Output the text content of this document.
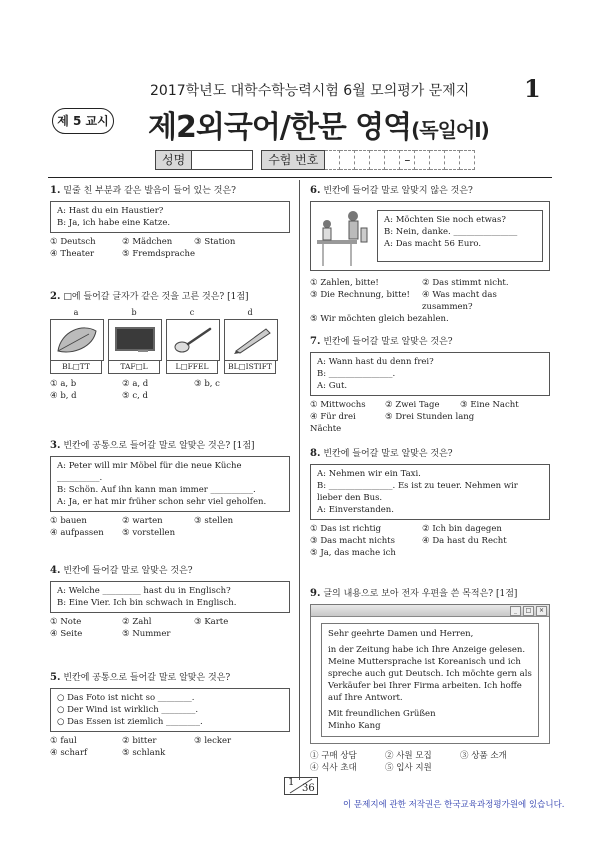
2017학년도 대학수학능력시험 6월 모의평가 문제지 1
제 5 교시 제2외국어/한문 영역(독일어Ⅰ)
성명	수험 번호	–
1. 밑줄 친 부분과 같은 발음이 들어 있는 것은?
A: Hast du ein Haustier?
B: Ja, ich habe eine Katze.
① Deutsch	② Mädchen	③ Station
④ Theater	⑤ Fremdsprache
2. □에 들어갈 글자가 같은 것을 고른 것은? [1점]
a
BL□TT
b
TAF□L
c
L□FFEL
d
BL□ISTIFT
① a, b	② a, d	③ b, c
④ b, d	⑤ c, d
3. 빈칸에 공통으로 들어갈 말로 알맞은 것은? [1점]
A: Peter will mir Möbel für die neue Küche __________.
B: Schön. Auf ihn kann man immer __________.
A: Ja, er hat mir früher schon sehr viel geholfen.
① bauen	② warten	③ stellen
④ aufpassen	⑤ vorstellen
4. 빈칸에 들어갈 말로 알맞은 것은?
A: Welche _________ hast du in Englisch?
B: Eine Vier. Ich bin schwach in Englisch.
① Note	② Zahl	③ Karte
④ Seite	⑤ Nummer
5. 빈칸에 공통으로 들어갈 말로 알맞은 것은?
○ Das Foto ist nicht so ________.
○ Der Wind ist wirklich ________.
○ Das Essen ist ziemlich ________.
① faul	② bitter	③ lecker
④ scharf	⑤ schlank
6. 빈칸에 들어갈 말로 알맞지 않은 것은?
A: Möchten Sie noch etwas?
B: Nein, danke. _______________
A: Das macht 56 Euro.
① Zahlen, bitte!	② Das stimmt nicht.
③ Die Rechnung, bitte!	④ Was macht das zusammen?
⑤ Wir möchten gleich bezahlen.
7. 빈칸에 들어갈 말로 알맞은 것은?
A: Wann hast du denn frei?
B: _______________.
A: Gut.
① Mittwochs	② Zwei Tage	③ Eine Nacht
④ Für drei Nächte
⑤ Drei Stunden lang
8. 빈칸에 들어갈 말로 알맞은 것은?
A: Nehmen wir ein Taxi.
B: _______________. Es ist zu teuer. Nehmen wir lieber den Bus.
A: Einverstanden.
① Das ist richtig	② Ich bin dagegen
③ Das macht nichts	④ Da hast du Recht
⑤ Ja, das mache ich
9. 글의 내용으로 보아 전자 우편을 쓴 목적은? [1점]
_	□	×
Sehr geehrte Damen und Herren,
in der Zeitung habe ich Ihre Anzeige gelesen. Meine Muttersprache ist Koreanisch und ich spreche auch gut Deutsch. Ich möchte gern als Verkäufer bei Ihrer Firma arbeiten. Ich hoffe auf Ihre Antwort.
Mit freundlichen Grüßen
Minho Kang
① 구매 상담	② 사원 모집	③ 상품 소개
④ 식사 초대	⑤ 입사 지원
1
36
이 문제지에 관한 저작권은 한국교육과정평가원에 있습니다.
